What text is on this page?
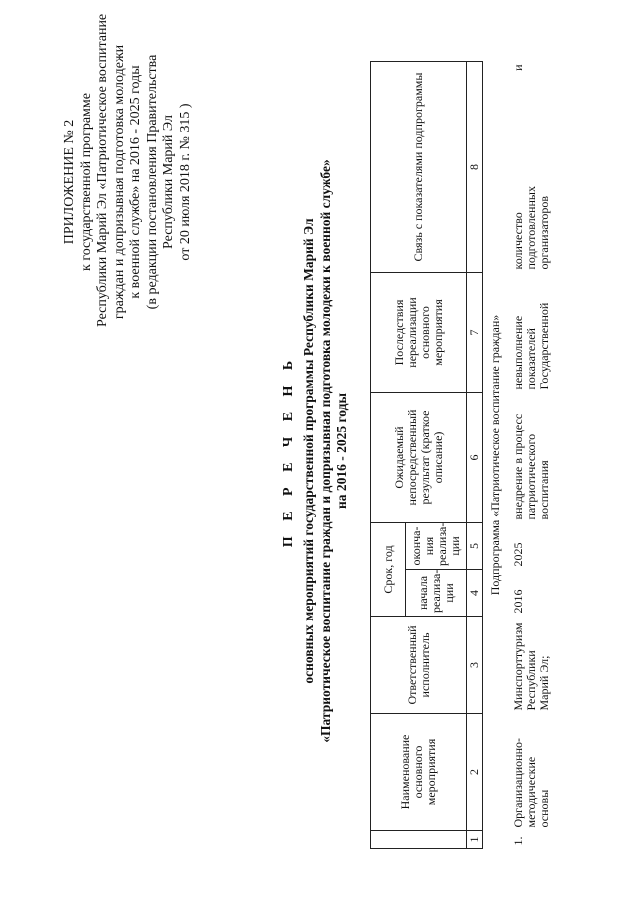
ПРИЛОЖЕНИЕ № 2 к государственной программе Республики Марий Эл «Патриотическое воспитание граждан и допризывная подготовка молодежи к военной службе» на 2016 - 2025 годы (в редакции постановления Правительства Республики Марий Эл от 20 июля 2018 г. № 315 )
П Е Р Е Ч Е Н Ь основных мероприятий государственной программы Республики Марий Эл «Патриотическое воспитание граждан и допризывная подготовка молодежи к военной службе» на 2016 - 2025 годы
	Наименование основного мероприятия	Ответственный исполнитель	Срок, год		Ожидаемый непосредственный результат (краткое описание)	Последствия нереализации основного мероприятия	Связь с показателями подпрограммы
			начала реализа-ции	оконча-ния реализа-ции			
1	2	3	4	5	6	7	8
Подпрограмма «Патриотическое воспитание граждан»							
1.	Организационно-методические основы	Минспорттуризм Республики Марий Эл;	2016	2025	внедрение в процесс патриотического воспитания	невыполнение показателей Государственной	количество подготовленных организаторов
и
